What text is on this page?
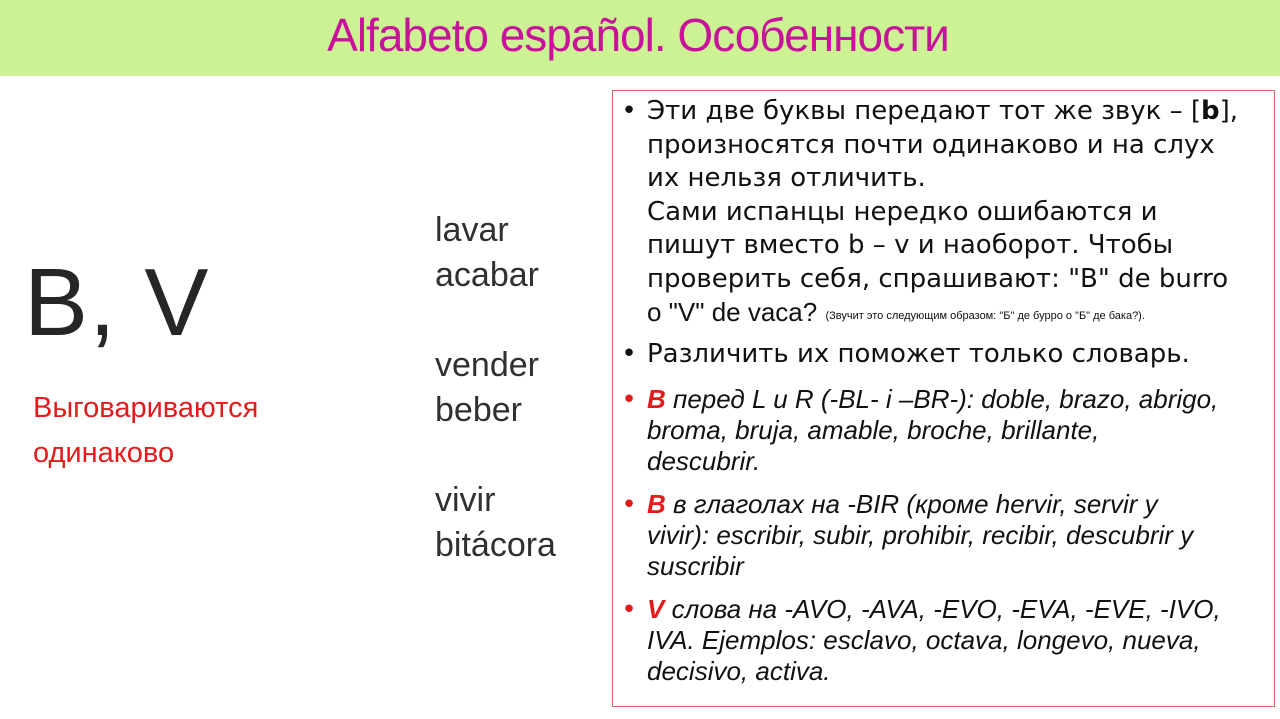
Alfabeto español. Особенности
B, V
Выговариваются
одинаково
lavar
acabar
vender
beber
vivir
bitácora
• Эти две буквы передают тот же звук – [b],
произносятся почти одинаково и на слух
их нельзя отличить.
Сами испанцы нередко ошибаются и
пишут вместо b – v и наоборот. Чтобы
проверить себя, спрашивают: "B" de burro
o "V" de vaca? (Звучит это следующим образом: "Б" де бурро о "Б" де бака?).
• Различить их поможет только словарь.
• B перед L и R (-BL- i –BR-): doble, brazo, abrigo,
broma, bruja, amable, broche, brillante,
descubrir.
• B в глаголах на -BIR (кроме hervir, servir y
vivir): escribir, subir, prohibir, recibir, descubrir y
suscribir
• V слова на -AVO, -AVA, -EVO, -EVA, -EVE, -IVO,
IVA. Ejemplos: esclavo, octava, longevo, nueva,
decisivo, activa.
